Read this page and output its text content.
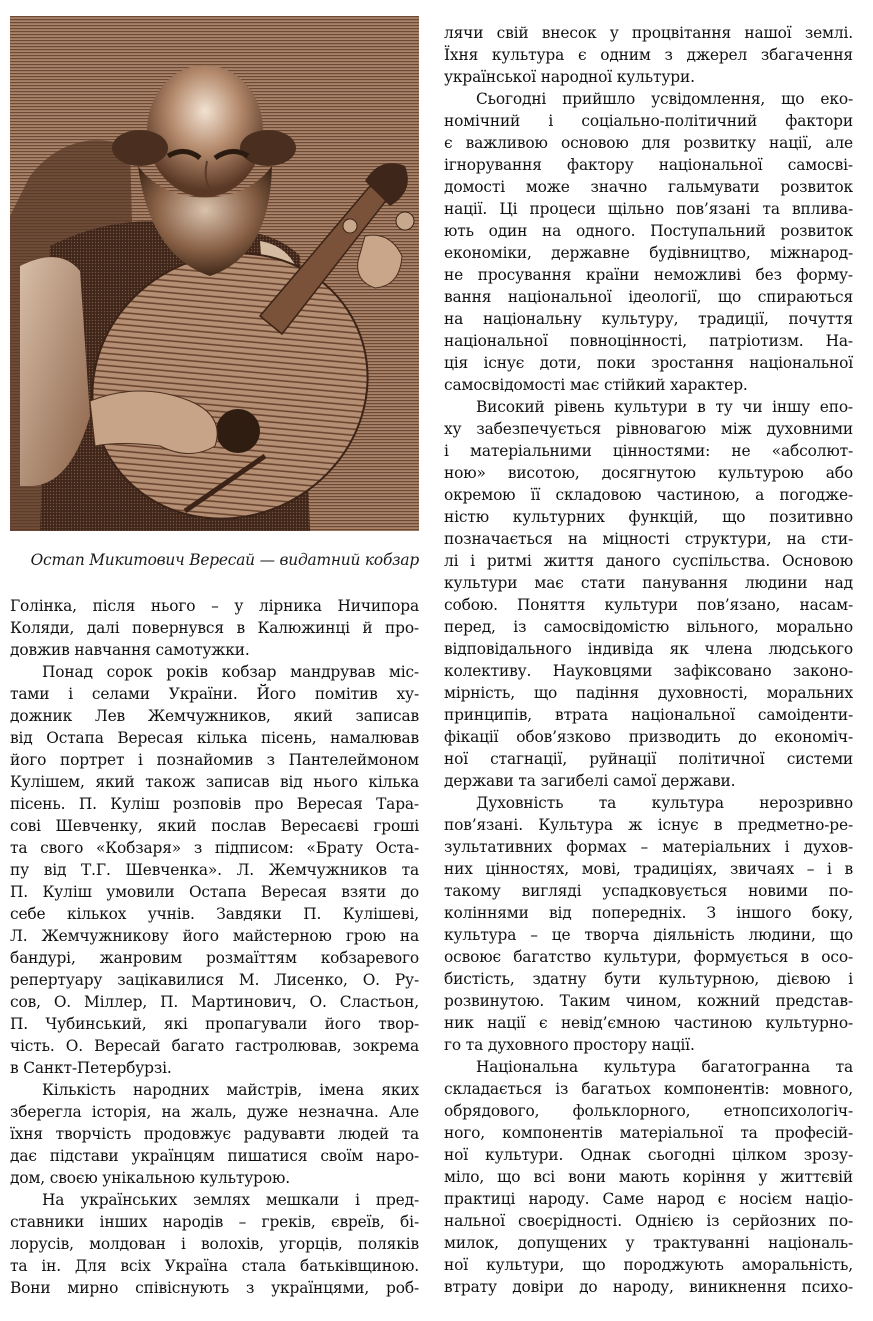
Остап Микитович Вересай — видатний кобзар
Голінка, після нього – у лірника Ничипора
Коляди, далі повернувся в Калюжинці й про-
довжив навчання самотужки.
Понад сорок років кобзар мандрував міс-
тами і селами України. Його помітив ху-
дожник Лев Жемчужников, який записав
від Остапа Вересая кілька пісень, намалював
його портрет і познайомив з Пантелеймоном
Кулішем, який також записав від нього кілька
пісень. П. Куліш розповів про Вересая Тара-
сові Шевченку, який послав Вересаєві гроші
та свого «Кобзаря» з підписом: «Брату Оста-
пу від Т.Г. Шевченка». Л. Жемчужников та
П. Куліш умовили Остапа Вересая взяти до
себе кількох учнів. Завдяки П. Кулішеві,
Л. Жемчужникову його майстерною грою на
бандурі, жанровим розмаїттям кобзаревого
репертуару зацікавилися М. Лисенко, О. Ру-
сов, О. Міллер, П. Мартинович, О. Сластьон,
П. Чубинський, які пропагували його твор-
чість. О. Вересай багато гастролював, зокрема
в Санкт-Петербурзі.
Кількість народних майстрів, імена яких
зберегла історія, на жаль, дуже незначна. Але
їхня творчість продовжує радувавти людей та
дає підстави українцям пишатися своїм наро-
дом, своєю унікальною культурою.
На українських землях мешкали і пред-
ставники інших народів – греків, євреїв, бі-
лорусів, молдован і волохів, угорців, поляків
та ін. Для всіх Україна стала батьківщиною.
Вони мирно співіснують з українцями, роб-
лячи свій внесок у процвітання нашої землі.
Їхня культура є одним з джерел збагачення
української народної культури.
Сьогодні прийшло усвідомлення, що еко-
номічний і соціально-політичний фактори
є важливою основою для розвитку нації, але
ігнорування фактору національної самосві-
домості може значно гальмувати розвиток
нації. Ці процеси щільно пов’язані та вплива-
ють один на одного. Поступальний розвиток
економіки, державне будівництво, міжнарод-
не просування країни неможливі без форму-
вання національної ідеології, що спираються
на національну культуру, традиції, почуття
національної повноцінності, патріотизм. На-
ція існує доти, поки зростання національної
самосвідомості має стійкий характер.
Високий рівень культури в ту чи іншу епо-
ху забезпечується рівновагою між духовними
і матеріальними цінностями: не «абсолют-
ною» висотою, досягнутою культурою або
окремою її складовою частиною, а погодже-
ністю культурних функцій, що позитивно
позначається на міцності структури, на сти-
лі і ритмі життя даного суспільства. Основою
культури має стати панування людини над
собою. Поняття культури пов’язано, насам-
перед, із самосвідомістю вільного, морально
відповідального індивіда як члена людського
колективу. Науковцями зафіксовано законо-
мірність, що падіння духовності, моральних
принципів, втрата національної самоіденти-
фікації обов’язково призводить до економіч-
ної стагнації, руйнації політичної системи
держави та загибелі самої держави.
Духовність та культура нерозривно
пов’язані. Культура ж існує в предметно-ре-
зультативних формах – матеріальних і духов-
них цінностях, мові, традиціях, звичаях – і в
такому вигляді успадковується новими по-
коліннями від попередніх. З іншого боку,
культура – це творча діяльність людини, що
освоює багатство культури, формується в осо-
бистість, здатну бути культурною, дієвою і
розвинутою. Таким чином, кожний представ-
ник нації є невід’ємною частиною культурно-
го та духовного простору нації.
Національна культура багатогранна та
складається із багатьох компонентів: мовного,
обрядового, фольклорного, етнопсихологіч-
ного, компонентів матеріальної та професій-
ної культури. Однак сьогодні цілком зрозу-
міло, що всі вони мають коріння у життєвій
практиці народу. Саме народ є носієм націо-
нальної своєрідності. Однією із серйозних по-
милок, допущених у трактуванні національ-
ної культури, що породжують аморальність,
втрату довіри до народу, виникнення психо-
